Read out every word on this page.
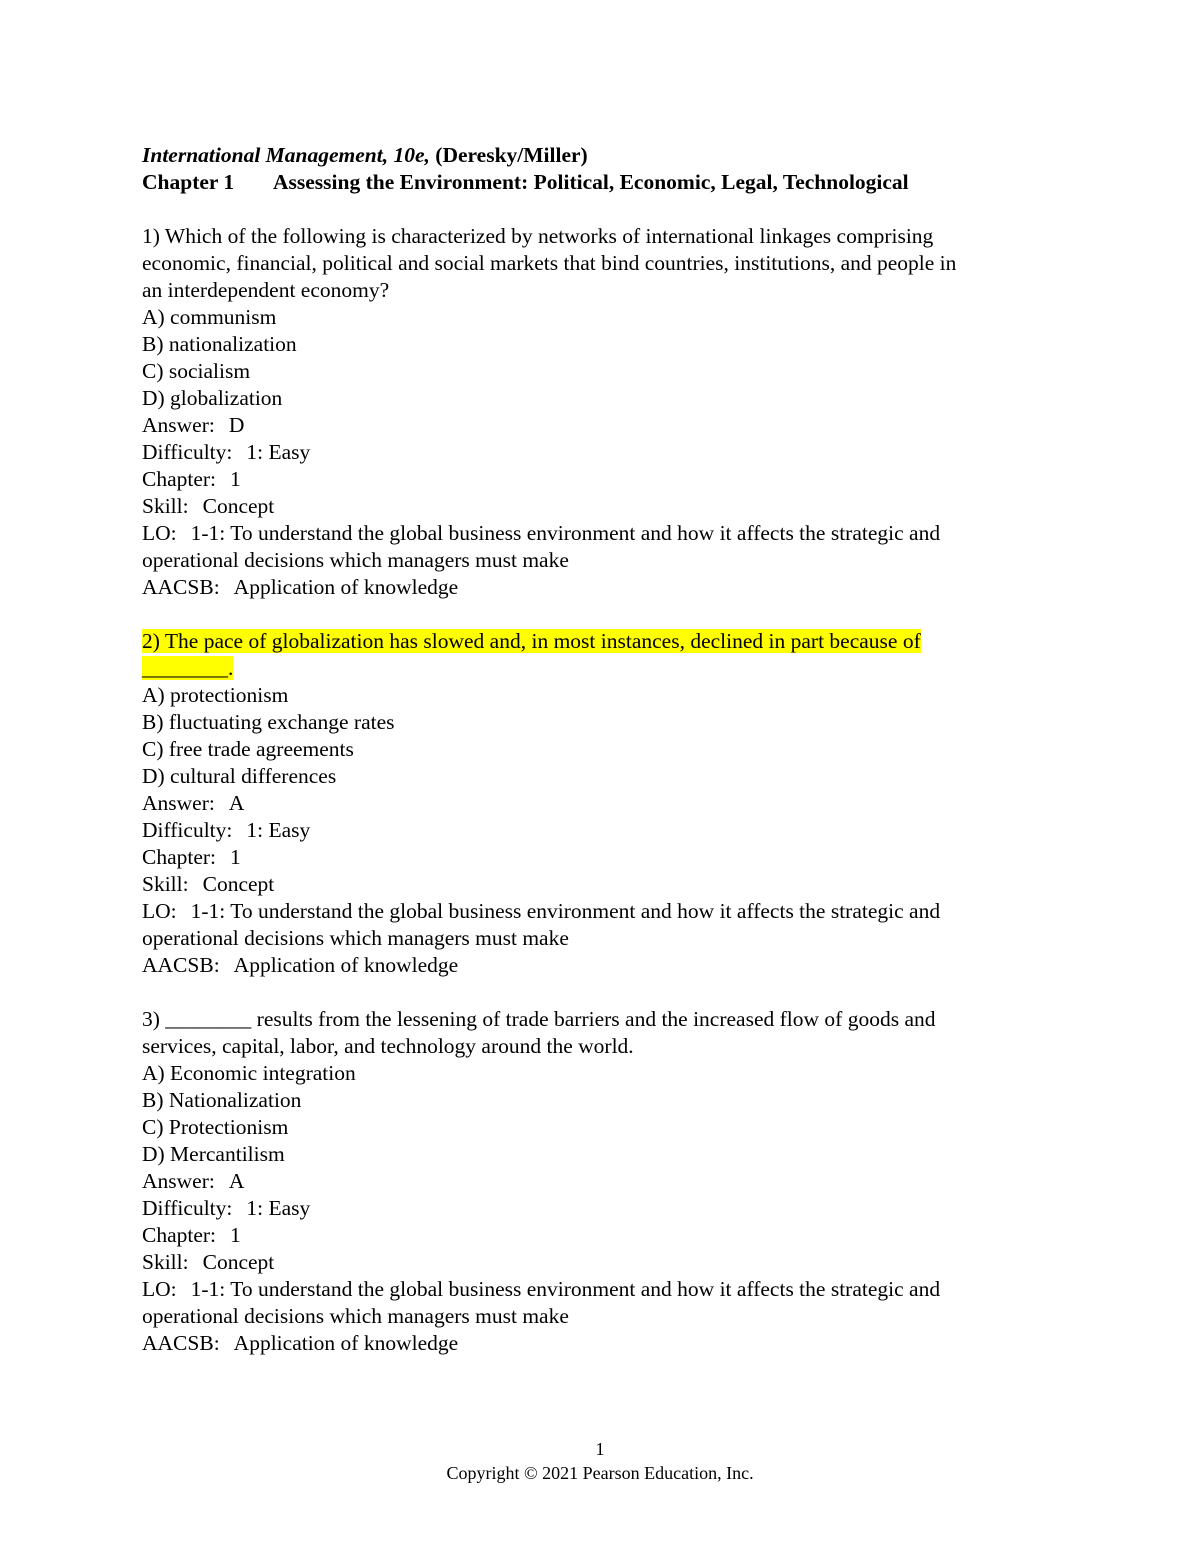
International Management, 10e, (Deresky/Miller)
Chapter 1 Assessing the Environment: Political, Economic, Legal, Technological
1) Which of the following is characterized by networks of international linkages comprising
economic, financial, political and social markets that bind countries, institutions, and people in
an interdependent economy?
A) communism
B) nationalization
C) socialism
D) globalization
Answer: D
Difficulty: 1: Easy
Chapter: 1
Skill: Concept
LO: 1-1: To understand the global business environment and how it affects the strategic and
operational decisions which managers must make
AACSB: Application of knowledge
2) The pace of globalization has slowed and, in most instances, declined in part because of
________.
A) protectionism
B) fluctuating exchange rates
C) free trade agreements
D) cultural differences
Answer: A
Difficulty: 1: Easy
Chapter: 1
Skill: Concept
LO: 1-1: To understand the global business environment and how it affects the strategic and
operational decisions which managers must make
AACSB: Application of knowledge
3) ________ results from the lessening of trade barriers and the increased flow of goods and
services, capital, labor, and technology around the world.
A) Economic integration
B) Nationalization
C) Protectionism
D) Mercantilism
Answer: A
Difficulty: 1: Easy
Chapter: 1
Skill: Concept
LO: 1-1: To understand the global business environment and how it affects the strategic and
operational decisions which managers must make
AACSB: Application of knowledge
1
Copyright © 2021 Pearson Education, Inc.
